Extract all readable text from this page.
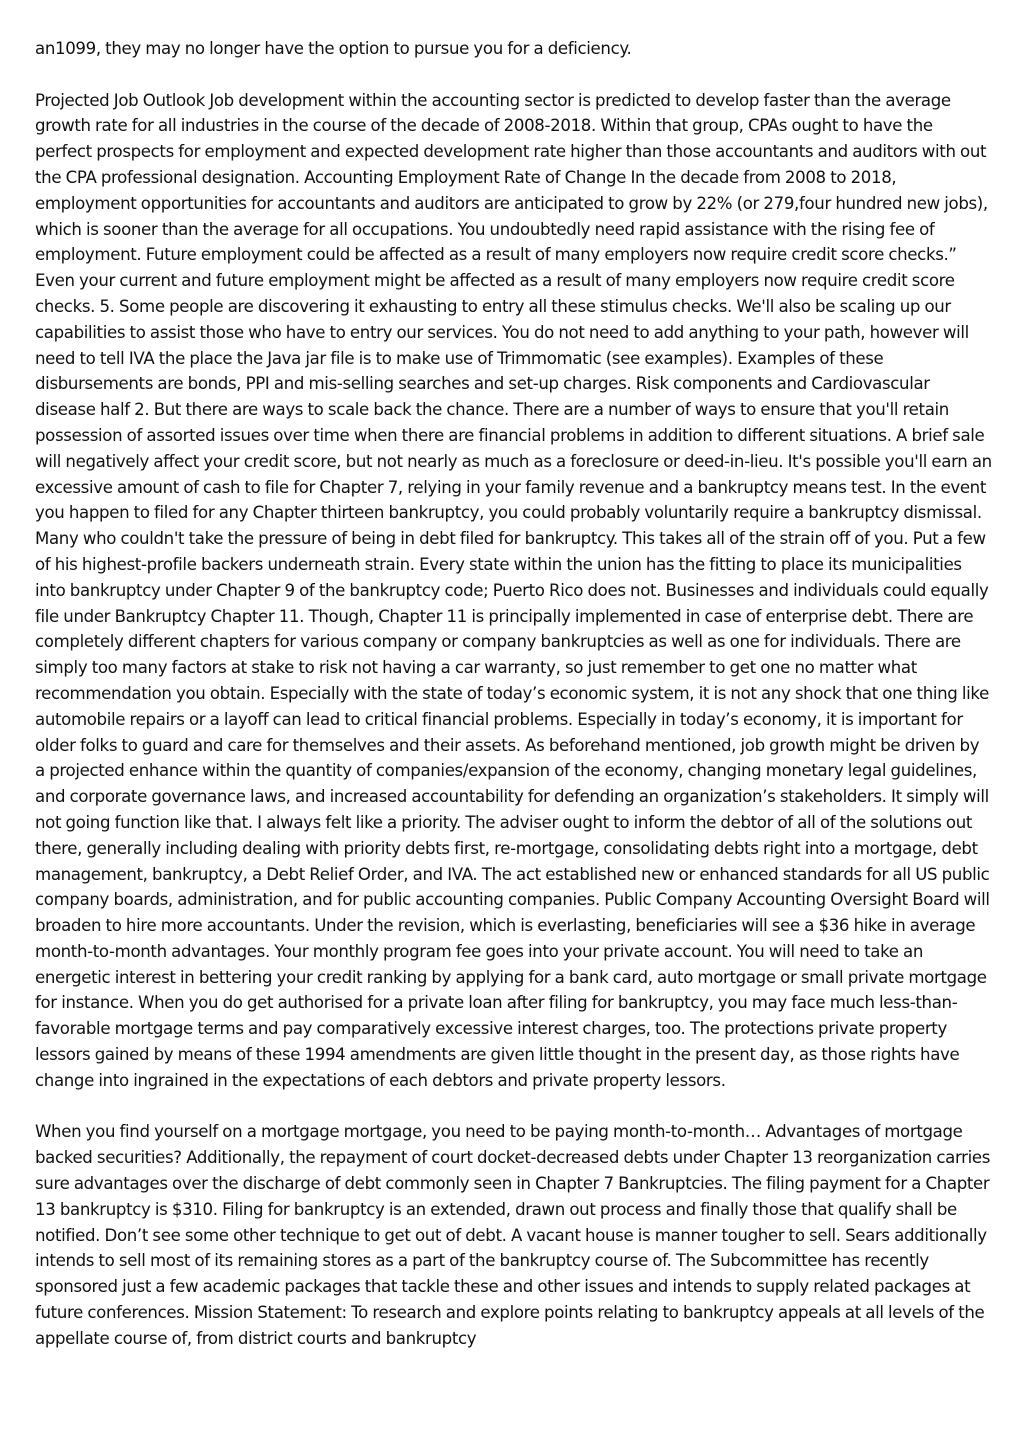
an1099, they may no longer have the option to pursue you for a deficiency.

Projected Job Outlook Job development within the accounting sector is predicted to develop faster than the average growth rate for all industries in the course of the decade of 2008-2018. Within that group, CPAs ought to have the perfect prospects for employment and expected development rate higher than those accountants and auditors with out the CPA professional designation. Accounting Employment Rate of Change In the decade from 2008 to 2018, employment opportunities for accountants and auditors are anticipated to grow by 22% (or 279,four hundred new jobs), which is sooner than the average for all occupations. You undoubtedly need rapid assistance with the rising fee of employment. Future employment could be affected as a result of many employers now require credit score checks.” Even your current and future employment might be affected as a result of many employers now require credit score checks. 5. Some people are discovering it exhausting to entry all these stimulus checks. We'll also be scaling up our capabilities to assist those who have to entry our services. You do not need to add anything to your path, however will need to tell IVA the place the Java jar file is to make use of Trimmomatic (see examples). Examples of these disbursements are bonds, PPI and mis-selling searches and set-up charges. Risk components and Cardiovascular disease half 2. But there are ways to scale back the chance. There are a number of ways to ensure that you'll retain possession of assorted issues over time when there are financial problems in addition to different situations. A brief sale will negatively affect your credit score, but not nearly as much as a foreclosure or deed-in-lieu. It's possible you'll earn an excessive amount of cash to file for Chapter 7, relying in your family revenue and a bankruptcy means test. In the event you happen to filed for any Chapter thirteen bankruptcy, you could probably voluntarily require a bankruptcy dismissal. Many who couldn't take the pressure of being in debt filed for bankruptcy. This takes all of the strain off of you. Put a few of his highest-profile backers underneath strain. Every state within the union has the fitting to place its municipalities into bankruptcy under Chapter 9 of the bankruptcy code; Puerto Rico does not. Businesses and individuals could equally file under Bankruptcy Chapter 11. Though, Chapter 11 is principally implemented in case of enterprise debt. There are completely different chapters for various company or company bankruptcies as well as one for individuals. There are simply too many factors at stake to risk not having a car warranty, so just remember to get one no matter what recommendation you obtain. Especially with the state of today’s economic system, it is not any shock that one thing like automobile repairs or a layoff can lead to critical financial problems. Especially in today’s economy, it is important for older folks to guard and care for themselves and their assets. As beforehand mentioned, job growth might be driven by a projected enhance within the quantity of companies/expansion of the economy, changing monetary legal guidelines, and corporate governance laws, and increased accountability for defending an organization’s stakeholders. It simply will not going function like that. I always felt like a priority. The adviser ought to inform the debtor of all of the solutions out there, generally including dealing with priority debts first, re-mortgage, consolidating debts right into a mortgage, debt management, bankruptcy, a Debt Relief Order, and IVA. The act established new or enhanced standards for all US public company boards, administration, and for public accounting companies. Public Company Accounting Oversight Board will broaden to hire more accountants. Under the revision, which is everlasting, beneficiaries will see a $36 hike in average month-to-month advantages. Your monthly program fee goes into your private account. You will need to take an energetic interest in bettering your credit ranking by applying for a bank card, auto mortgage or small private mortgage for instance. When you do get authorised for a private loan after filing for bankruptcy, you may face much less-than-favorable mortgage terms and pay comparatively excessive interest charges, too. The protections private property lessors gained by means of these 1994 amendments are given little thought in the present day, as those rights have change into ingrained in the expectations of each debtors and private property lessors.

When you find yourself on a mortgage mortgage, you need to be paying month-to-month… Advantages of mortgage backed securities? Additionally, the repayment of court docket-decreased debts under Chapter 13 reorganization carries sure advantages over the discharge of debt commonly seen in Chapter 7 Bankruptcies. The filing payment for a Chapter 13 bankruptcy is $310. Filing for bankruptcy is an extended, drawn out process and finally those that qualify shall be notified. Don’t see some other technique to get out of debt. A vacant house is manner tougher to sell. Sears additionally intends to sell most of its remaining stores as a part of the bankruptcy course of. The Subcommittee has recently sponsored just a few academic packages that tackle these and other issues and intends to supply related packages at future conferences. Mission Statement: To research and explore points relating to bankruptcy appeals at all levels of the appellate course of, from district courts and bankruptcy
